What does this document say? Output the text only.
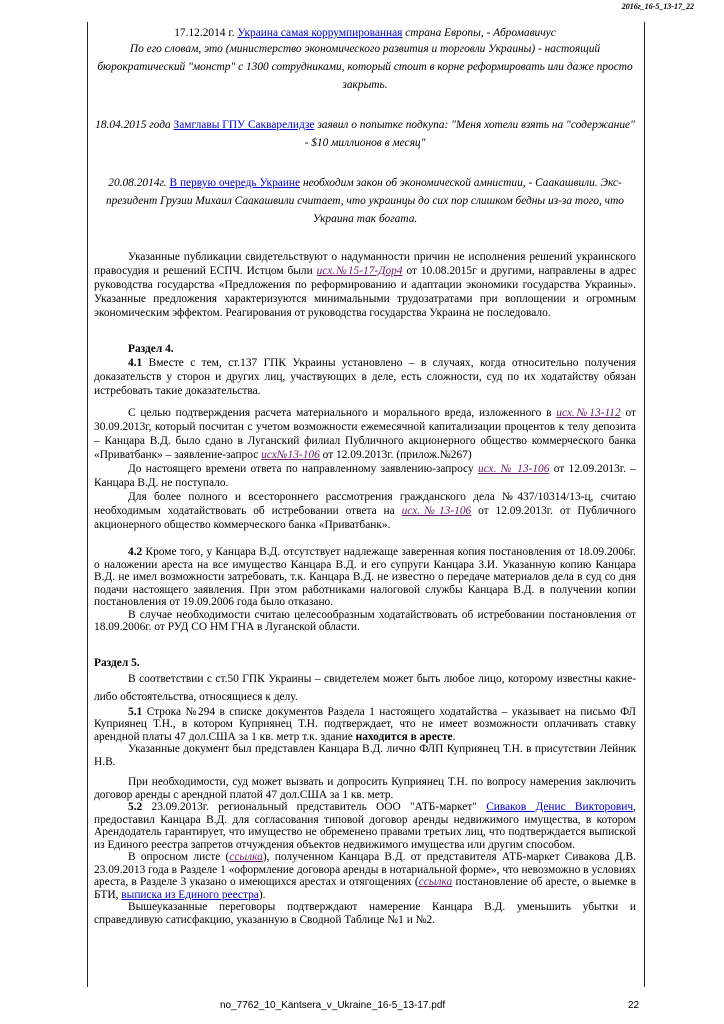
2016г_16-5_13-17_22
17.12.2014 г. Украина самая коррумпированная страна Европы, - Абромавичус
По его словам, это (министерство экономического развития и торговли Украины) - настоящий бюрократический "монстр" с 1300 сотрудниками, который стоит в корне реформировать или даже просто закрыть.
18.04.2015 года Замглавы ГПУ Сакварелидзе заявил о попытке подкупа: "Меня хотели взять на "содержание" - $10 миллионов в месяц"
20.08.2014г. В первую очередь Украине необходим закон об экономической амнистии, - Саакашвили. Экс-президент Грузии Михаил Саакашвили считает, что украинцы до сих пор слишком бедны из-за того, что Украина так богата.
Указанные публикации свидетельствуют о надуманности причин не исполнения решений украинского правосудия и решений ЕСПЧ. Истцом были исх.№15-17-Дор4 от 10.08.2015г и другими, направлены в адрес руководства государства «Предложения по реформированию и адаптации экономики государства Украины». Указанные предложения характеризуются минимальными трудозатратами при воплощении и огромным экономическим эффектом. Реагирования от руководства государства Украина не последовало.
Раздел 4.
4.1 Вместе с тем, ст.137 ГПК Украины установлено – в случаях, когда относительно получения доказательств у сторон и других лиц, участвующих в деле, есть сложности, суд по их ходатайству обязан истребовать такие доказательства.
С целью подтверждения расчета материального и морального вреда, изложенного в исх.№13-112 от 30.09.2013г, который посчитан с учетом возможности ежемесячной капитализации процентов к телу депозита – Канцара В.Д. было сдано в Луганский филиал Публичного акционерного общество коммерческого банка «Приватбанк» – заявление-запрос исх№13-106 от 12.09.2013г. (прилож.№267)
До настоящего времени ответа по направленному заявлению-запросу исх. № 13-106 от 12.09.2013г. – Канцара В.Д. не поступало.
Для более полного и всестороннего рассмотрения гражданского дела №437/10314/13-ц, считаю необходимым ходатайствовать об истребовании ответа на исх.№13-106 от 12.09.2013г. от Публичного акционерного общество коммерческого банка «Приватбанк».
4.2 Кроме того, у Канцара В.Д. отсутствует надлежаще заверенная копия постановления от 18.09.2006г. о наложении ареста на все имущество Канцара В.Д. и его супруги Канцара З.И. Указанную копию Канцара В.Д. не имел возможности затребовать, т.к. Канцара В.Д. не известно о передаче материалов дела в суд со дня подачи настоящего заявления. При этом работниками налоговой службы Канцара В.Д. в получении копии постановления от 19.09.2006 года было отказано.
В случае необходимости считаю целесообразным ходатайствовать об истребовании постановления от 18.09.2006г. от РУД СО НМ ГНА в Луганской области.
Раздел 5.
В соответствии с ст.50 ГПК Украины – свидетелем может быть любое лицо, которому известны какие-либо обстоятельства, относящиеся к делу.
5.1 Строка №294 в списке документов Раздела 1 настоящего ходатайства – указывает на письмо ФЛ Куприянец Т.Н., в котором Куприянец Т.Н. подтверждает, что не имеет возможности оплачивать ставку арендной платы 47 дол.США за 1 кв. метр т.к. здание находится в аресте.
Указанные документ был представлен Канцара В.Д. лично ФЛП Куприянец Т.Н. в присутствии Лейник Н.В.
При необходимости, суд может вызвать и допросить Куприянец Т.Н. по вопросу намерения заключить договор аренды с арендной платой 47 дол.США за 1 кв. метр.
5.2 23.09.2013г. региональный представитель ООО "АТБ-маркет" Сиваков Денис Викторович, предоставил Канцара В.Д. для согласования типовой договор аренды недвижимого имущества, в котором Арендодатель гарантирует, что имущество не обременено правами третьих лиц, что подтверждается выпиской из Единого реестра запретов отчуждения объектов недвижимого имущества или другим способом.
В опросном листе (ссылка), полученном Канцара В.Д. от представителя АТБ-маркет Сивакова Д.В. 23.09.2013 года в Разделе 1 «оформление договора аренды в нотариальной форме», что невозможно в условиях ареста, в Разделе 3 указано о имеющихся арестах и отягощениях (ссылка постановление об аресте, о выемке в БТИ, выписка из Единого реестра).
Вышеуказанные переговоры подтверждают намерение Канцара В.Д. уменьшить убытки и справедливую сатисфакцию, указанную в Сводной Таблице №1 и №2.
no_7762_10_Kantsera_v_Ukraine_16-5_13-17.pdf	22
